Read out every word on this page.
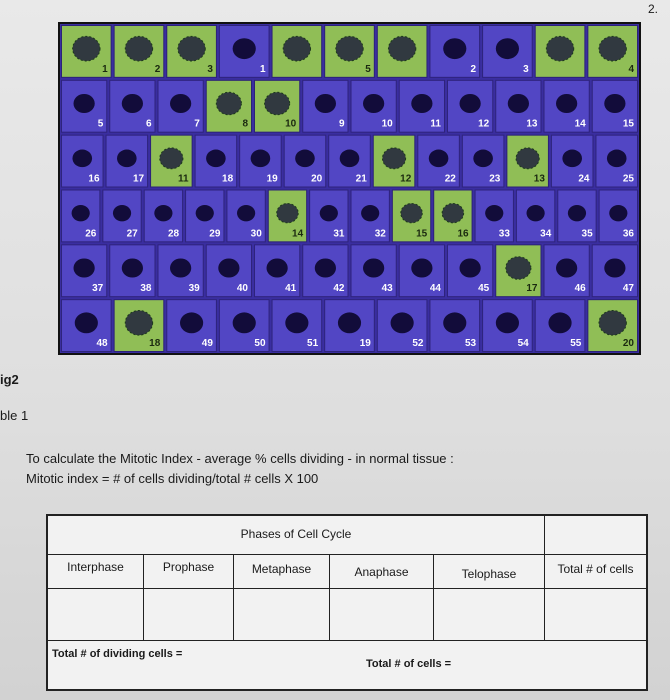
2.
1	2	3	1	5	2	3	4
5	6	7	8	10	9	10	11	12	13	14	15
16	17	11	18	19	20	21	12	22	23	13	24	25
26	27	28	29	30	14	31	32	15	16	33	34	35	36
37	38	39	40	41	42	43	44	45	17	46	47
48	18	49	50	51	19	52	53	54	55	20
ig2
ble 1
To calculate the Mitotic Index - average % cells dividing - in normal tissue :
Mitotic index = # of cells dividing/total # cells X 100
Phases of Cell Cycle
Interphase	Prophase	Metaphase	Anaphase	Telophase	Total # of cells
Total # of dividing cells =
Total # of cells =
